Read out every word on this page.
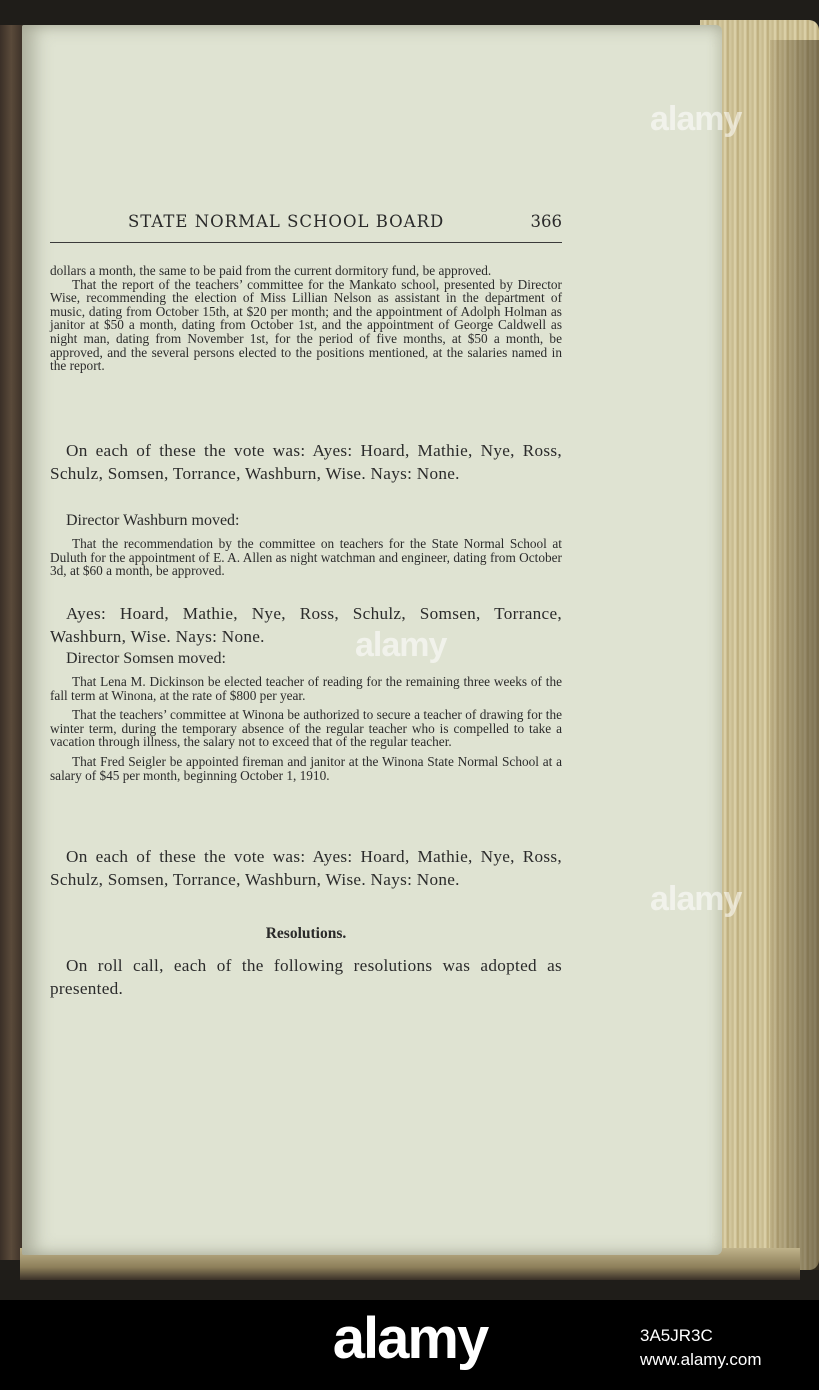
STATE NORMAL SCHOOL BOARD	366

dollars a month, the same to be paid from the current dormitory fund, be approved.

That the report of the teachers’ committee for the Mankato school, presented by Director Wise, recommending the election of Miss Lillian Nelson as assistant in the department of music, dating from October 15th, at $20 per month; and the appointment of Adolph Holman as janitor at $50 a month, dating from October 1st, and the appointment of George Caldwell as night man, dating from November 1st, for the period of five months, at $50 a month, be approved, and the several persons elected to the positions mentioned, at the salaries named in the report.

On each of these the vote was: Ayes: Hoard, Mathie, Nye, Ross, Schulz, Somsen, Torrance, Washburn, Wise. Nays: None.

Director Washburn moved:

That the recommendation by the committee on teachers for the State Normal School at Duluth for the appointment of E. A. Allen as night watchman and engineer, dating from October 3d, at $60 a month, be approved.

Ayes: Hoard, Mathie, Nye, Ross, Schulz, Somsen, Torrance, Washburn, Wise. Nays: None.

Director Somsen moved:

That Lena M. Dickinson be elected teacher of reading for the remaining three weeks of the fall term at Winona, at the rate of $800 per year.

That the teachers’ committee at Winona be authorized to secure a teacher of drawing for the winter term, during the temporary absence of the regular teacher who is compelled to take a vacation through illness, the salary not to exceed that of the regular teacher.

That Fred Seigler be appointed fireman and janitor at the Winona State Normal School at a salary of $45 per month, beginning October 1, 1910.

On each of these the vote was: Ayes: Hoard, Mathie, Nye, Ross, Schulz, Somsen, Torrance, Washburn, Wise. Nays: None.

Resolutions.

On roll call, each of the following resolutions was adopted as presented.

alamy
alamy
alamy
alamy	3A5JR3C
www.alamy.com
